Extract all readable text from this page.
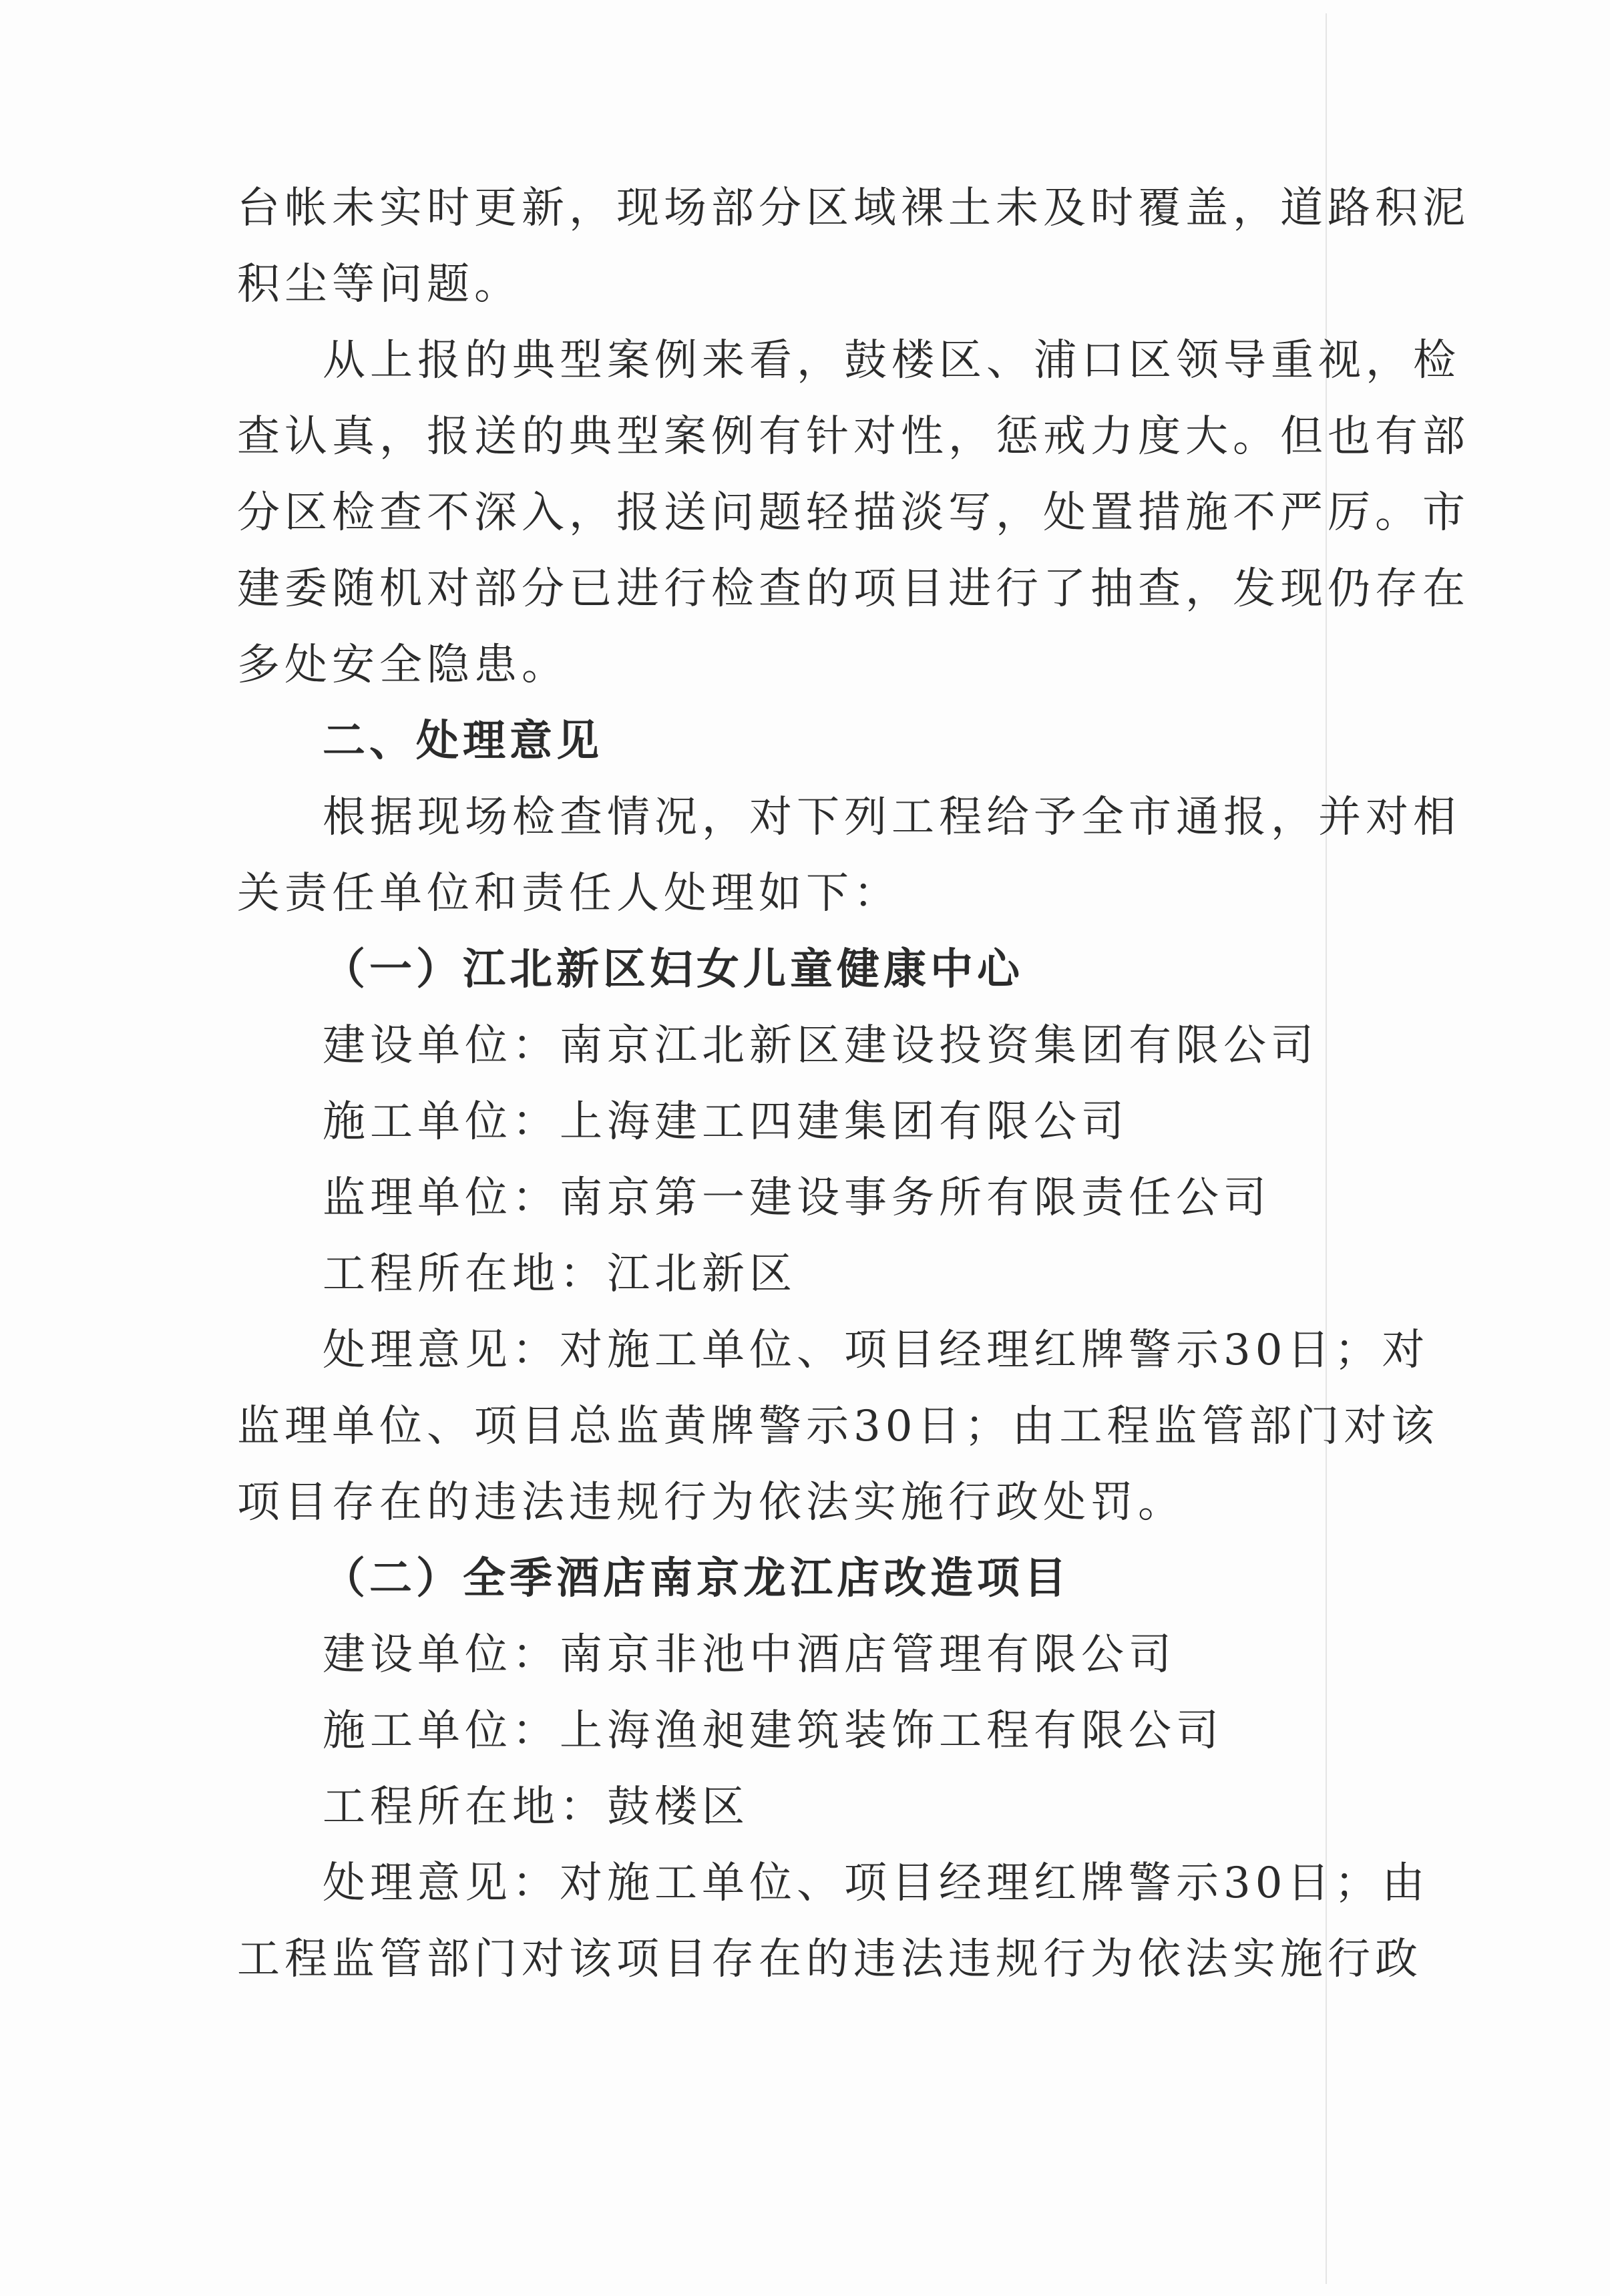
台帐未实时更新，现场部分区域裸土未及时覆盖，道路积泥
积尘等问题。
从上报的典型案例来看，鼓楼区、浦口区领导重视，检
查认真，报送的典型案例有针对性，惩戒力度大。但也有部
分区检查不深入，报送问题轻描淡写，处置措施不严厉。市
建委随机对部分已进行检查的项目进行了抽查，发现仍存在
多处安全隐患。
二、处理意见
根据现场检查情况，对下列工程给予全市通报，并对相
关责任单位和责任人处理如下：
（一）江北新区妇女儿童健康中心
建设单位：南京江北新区建设投资集团有限公司
施工单位：上海建工四建集团有限公司
监理单位：南京第一建设事务所有限责任公司
工程所在地：江北新区
处理意见：对施工单位、项目经理红牌警示30日；对
监理单位、项目总监黄牌警示30日；由工程监管部门对该
项目存在的违法违规行为依法实施行政处罚。
（二）全季酒店南京龙江店改造项目
建设单位：南京非池中酒店管理有限公司
施工单位：上海渔昶建筑装饰工程有限公司
工程所在地：鼓楼区
处理意见：对施工单位、项目经理红牌警示30日；由
工程监管部门对该项目存在的违法违规行为依法实施行政
